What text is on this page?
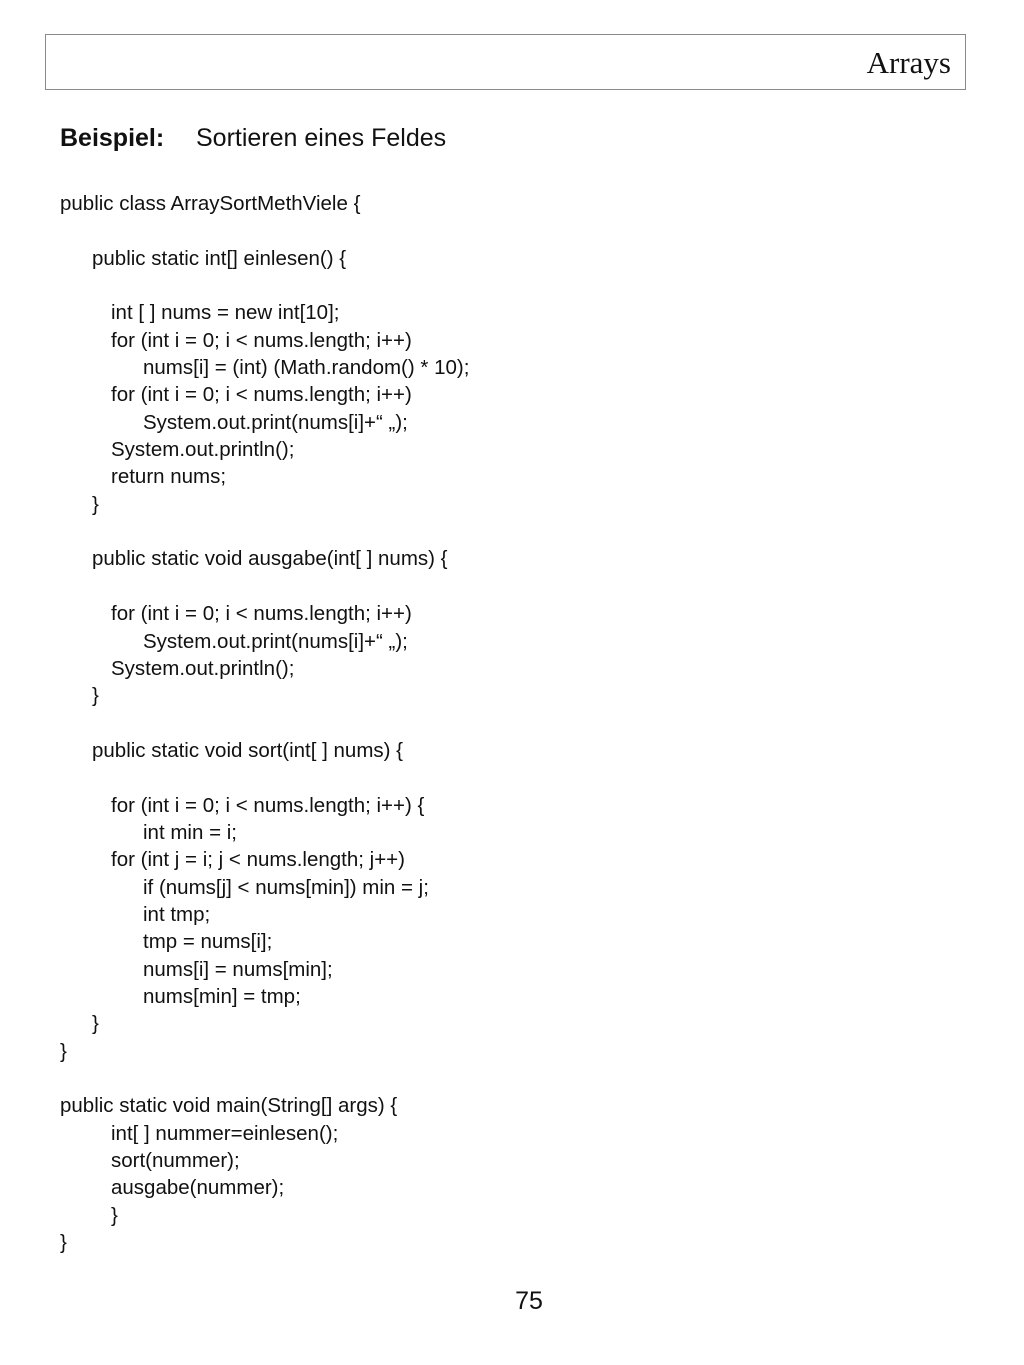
Arrays
Beispiel: Sortieren eines Feldes
public class ArraySortMethViele {
public static int[] einlesen() {
int [ ] nums = new int[10];
for (int i = 0; i < nums.length; i++)
nums[i] = (int) (Math.random() * 10);
for (int i = 0; i < nums.length; i++)
System.out.print(nums[i]+“ „);
System.out.println();
return nums;
}
public static void ausgabe(int[ ] nums) {
for (int i = 0; i < nums.length; i++)
System.out.print(nums[i]+“ „);
System.out.println();
}
public static void sort(int[ ] nums) {
for (int i = 0; i < nums.length; i++) {
int min = i;
for (int j = i; j < nums.length; j++)
if (nums[j] < nums[min]) min = j;
int tmp;
tmp = nums[i];
nums[i] = nums[min];
nums[min] = tmp;
}
}
public static void main(String[] args) {
int[ ] nummer=einlesen();
sort(nummer);
ausgabe(nummer);
}
}
75
